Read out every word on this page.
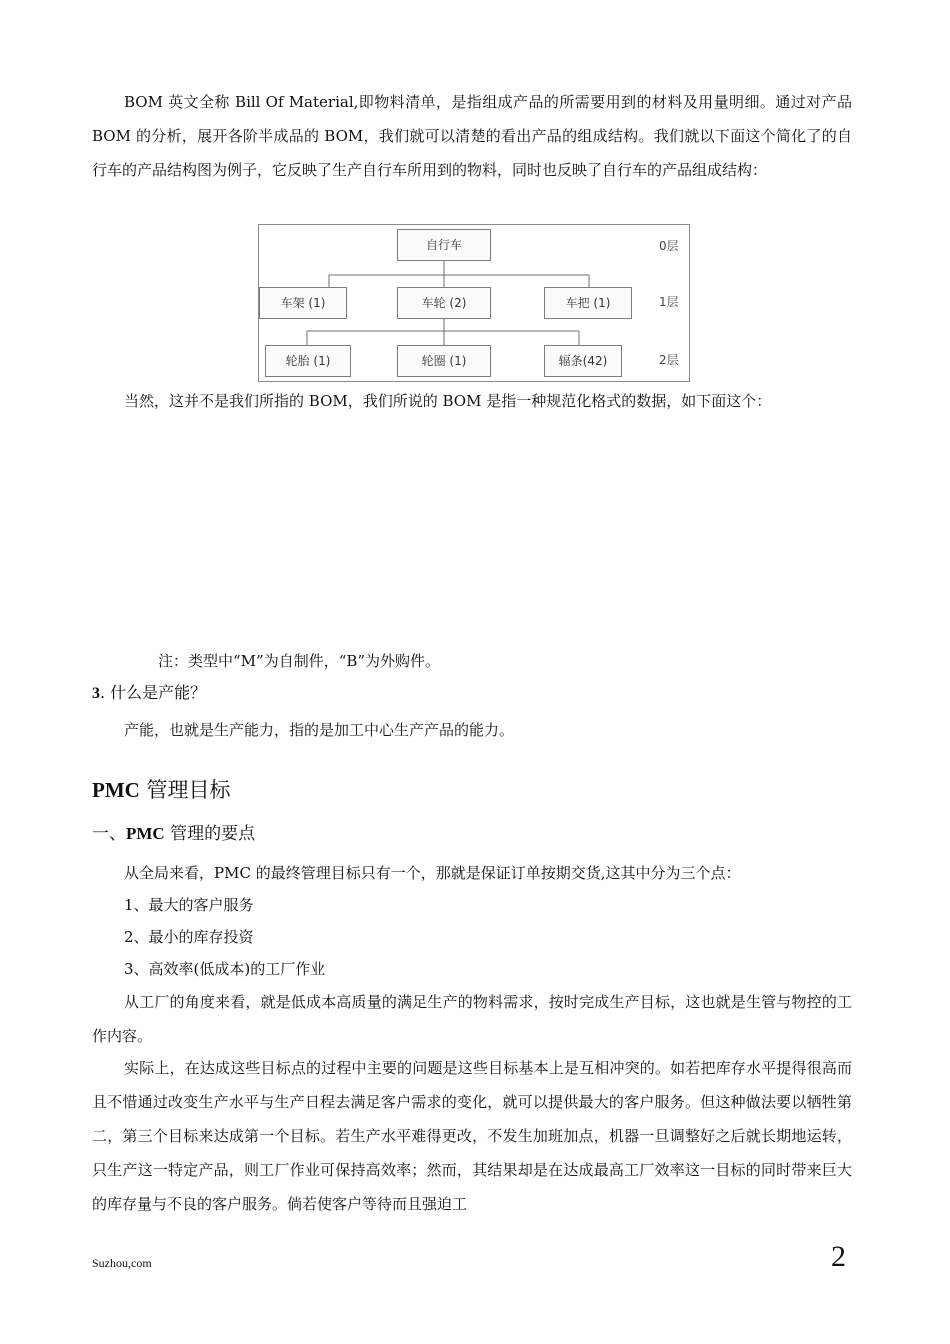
BOM 英文全称 Bill Of Material,即物料清单，是指组成产品的所需要用到的材料及用量明细。通过对产品 BOM 的分析，展开各阶半成品的 BOM，我们就可以清楚的看出产品的组成结构。我们就以下面这个简化了的自行车的产品结构图为例子，它反映了生产自行车所用到的物料，同时也反映了自行车的产品组成结构：
自行车
车架 (1)	车轮 (2)	车把 (1)
轮胎 (1)	轮圈 (1)	辐条(42)
0层
1层
2层
当然，这并不是我们所指的 BOM，我们所说的 BOM 是指一种规范化格式的数据，如下面这个：
注：类型中“M”为自制件，“B”为外购件。
3. 什么是产能？
产能，也就是生产能力，指的是加工中心生产产品的能力。
PMC 管理目标
一、PMC 管理的要点
从全局来看，PMC 的最终管理目标只有一个，那就是保证订单按期交货,这其中分为三个点：
1、最大的客户服务
2、最小的库存投资
3、高效率(低成本)的工厂作业
从工厂的角度来看，就是低成本高质量的满足生产的物料需求，按时完成生产目标，这也就是生管与物控的工作内容。
实际上，在达成这些目标点的过程中主要的问题是这些目标基本上是互相冲突的。如若把库存水平提得很高而且不惜通过改变生产水平与生产日程去满足客户需求的变化，就可以提供最大的客户服务。但这种做法要以牺牲第二，第三个目标来达成第一个目标。若生产水平难得更改，不发生加班加点，机器一旦调整好之后就长期地运转，只生产这一特定产品，则工厂作业可保持高效率；然而，其结果却是在达成最高工厂效率这一目标的同时带来巨大的库存量与不良的客户服务。倘若使客户等待而且强迫工
Suzhou,com	2
